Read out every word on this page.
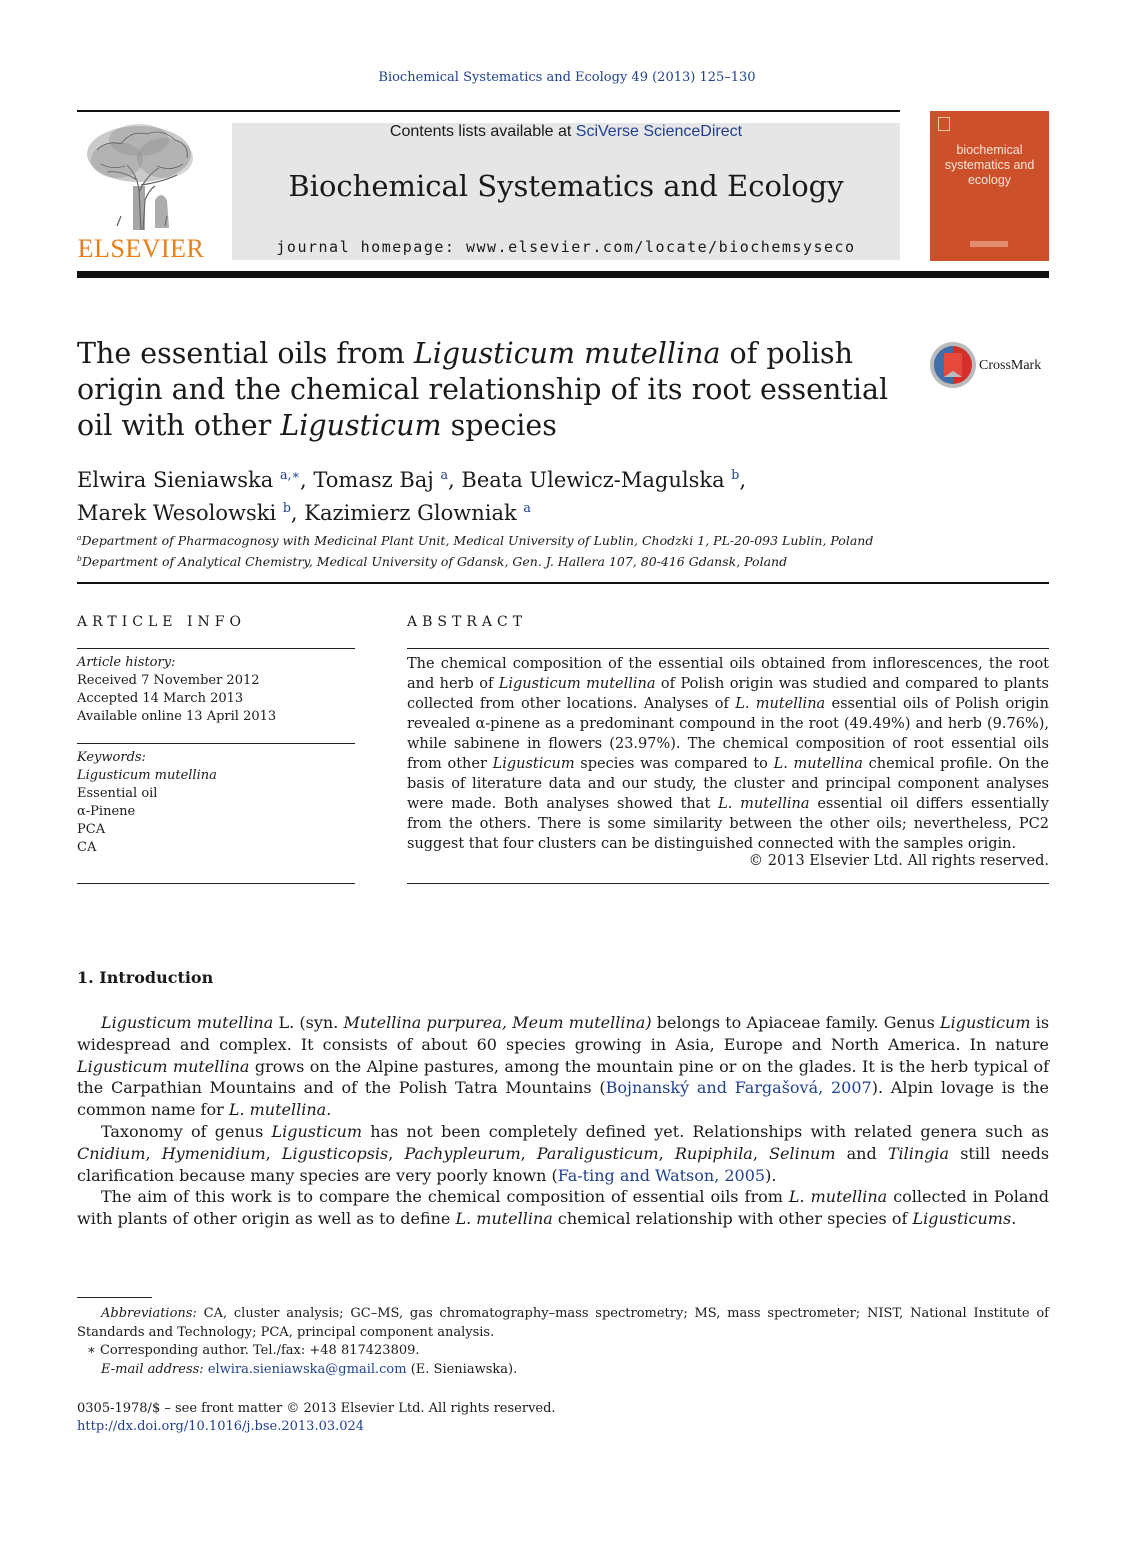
Biochemical Systematics and Ecology 49 (2013) 125–130
ELSEVIER
Contents lists available at SciVerse ScienceDirect
Biochemical Systematics and Ecology
journal homepage: www.elsevier.com/locate/biochemsyseco
biochemical systematics and ecology
The essential oils from Ligusticum mutellina of polish origin and the chemical relationship of its root essential oil with other Ligusticum species
CrossMark
Elwira Sieniawska $^{a,∗}$, Tomasz Baj $^a$, Beata Ulewicz-Magulska $^b$,
Marek Wesolowski $^b$, Kazimierz Glowniak $^a$
$^a$Department of Pharmacognosy with Medicinal Plant Unit, Medical University of Lublin, Chodzki 1, PL-20-093 Lublin, Poland
$^b$Department of Analytical Chemistry, Medical University of Gdansk, Gen. J. Hallera 107, 80-416 Gdansk, Poland
ARTICLE INFO	ABSTRACT
Article history:
Received 7 November 2012
Accepted 14 March 2013
Available online 13 April 2013
Keywords:
Ligusticum mutellina
Essential oil
α-Pinene
PCA
CA
The chemical composition of the essential oils obtained from inflorescences, the root and herb of Ligusticum mutellina of Polish origin was studied and compared to plants collected from other locations. Analyses of L. mutellina essential oils of Polish origin revealed α-pinene as a predominant compound in the root (49.49%) and herb (9.76%), while sabinene in flowers (23.97%). The chemical composition of root essential oils from other Ligusticum species was compared to L. mutellina chemical profile. On the basis of literature data and our study, the cluster and principal component analyses were made. Both analyses showed that L. mutellina essential oil differs essentially from the others. There is some similarity between the other oils; nevertheless, PC2 suggest that four clusters can be distinguished connected with the samples origin.
© 2013 Elsevier Ltd. All rights reserved.
1. Introduction

Ligusticum mutellina L. (syn. Mutellina purpurea, Meum mutellina) belongs to Apiaceae family. Genus Ligusticum is widespread and complex. It consists of about 60 species growing in Asia, Europe and North America. In nature Ligusticum mutellina grows on the Alpine pastures, among the mountain pine or on the glades. It is the herb typical of the Carpathian Mountains and of the Polish Tatra Mountains (Bojnanský and Fargašová, 2007). Alpin lovage is the common name for L. mutellina.

Taxonomy of genus Ligusticum has not been completely defined yet. Relationships with related genera such as Cnidium, Hymenidium, Ligusticopsis, Pachypleurum, Paraligusticum, Rupiphila, Selinum and Tilingia still needs clarification because many species are very poorly known (Fa-ting and Watson, 2005).

The aim of this work is to compare the chemical composition of essential oils from L. mutellina collected in Poland with plants of other origin as well as to define L. mutellina chemical relationship with other species of Ligusticums.

Abbreviations: CA, cluster analysis; GC–MS, gas chromatography–mass spectrometry; MS, mass spectrometer; NIST, National Institute of Standards and Technology; PCA, principal component analysis.

∗ Corresponding author. Tel./fax: +48 817423809.

E-mail address: elwira.sieniawska@gmail.com (E. Sieniawska).

0305-1978/$ – see front matter © 2013 Elsevier Ltd. All rights reserved.
http://dx.doi.org/10.1016/j.bse.2013.03.024
